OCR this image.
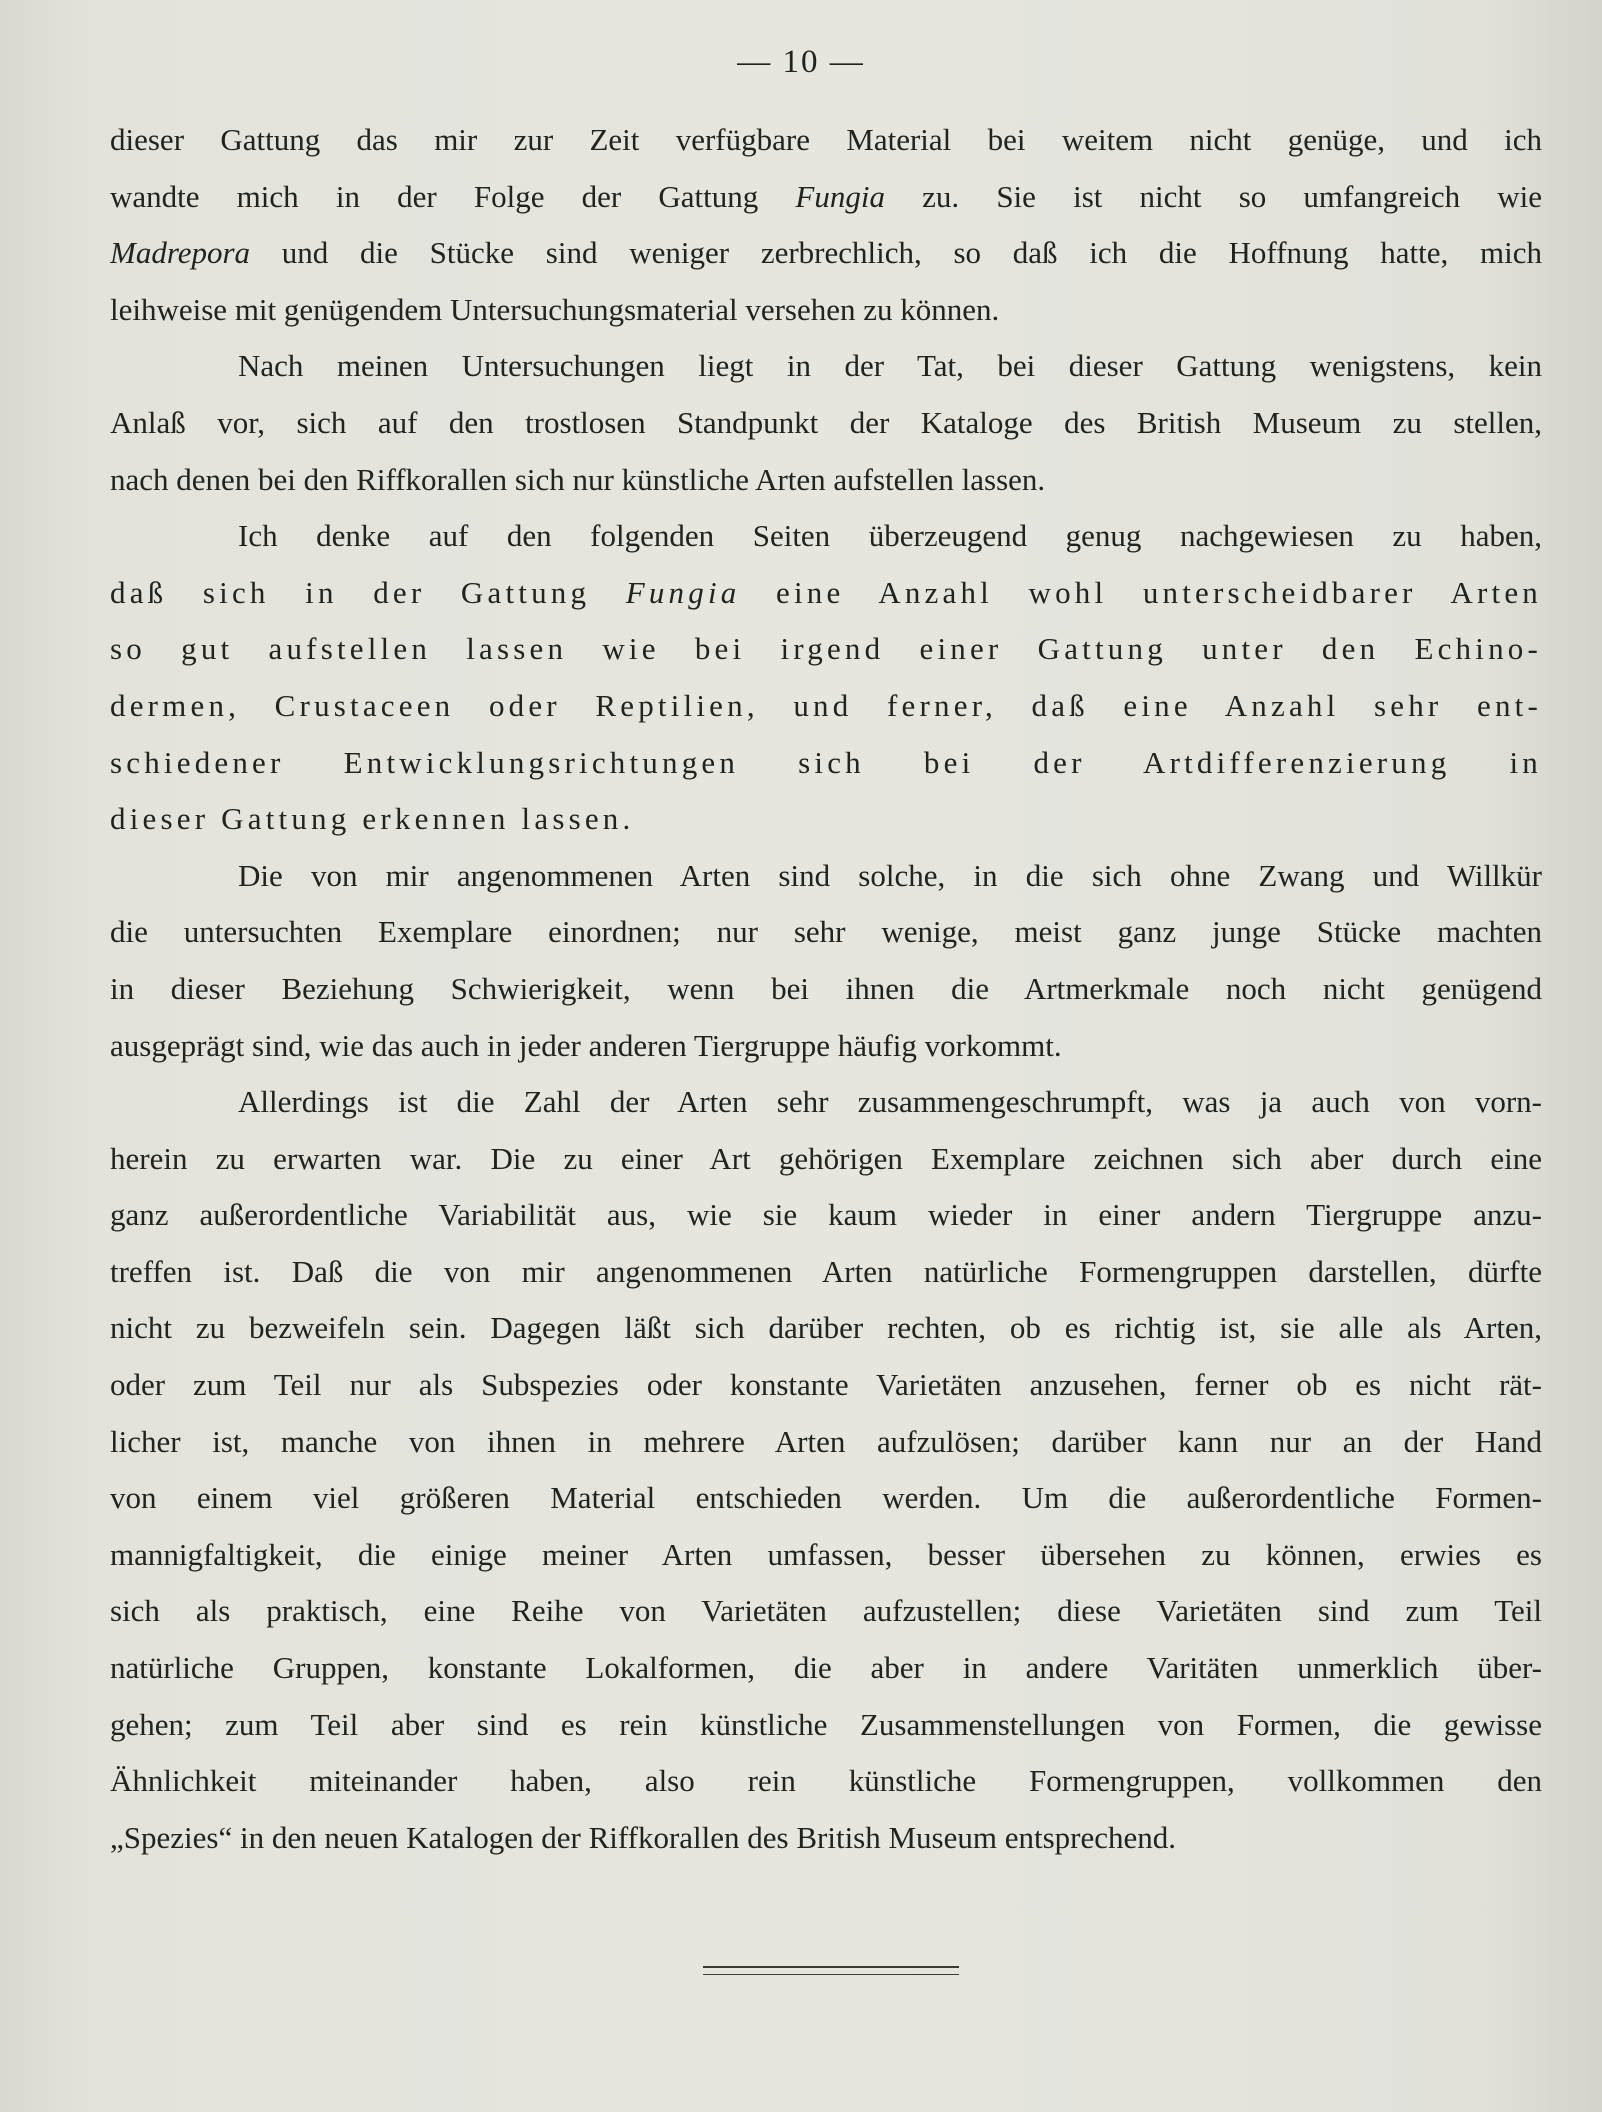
— 10 —
dieser Gattung das mir zur Zeit verfügbare Material bei weitem nicht genüge, und ich
wandte mich in der Folge der Gattung Fungia zu. Sie ist nicht so umfangreich wie
Madrepora und die Stücke sind weniger zerbrechlich, so daß ich die Hoffnung hatte, mich
leihweise mit genügendem Untersuchungsmaterial versehen zu können.
Nach meinen Untersuchungen liegt in der Tat, bei dieser Gattung wenigstens, kein
Anlaß vor, sich auf den trostlosen Standpunkt der Kataloge des British Museum zu stellen,
nach denen bei den Riffkorallen sich nur künstliche Arten aufstellen lassen.
Ich denke auf den folgenden Seiten überzeugend genug nachgewiesen zu haben,
daß sich in der Gattung Fungia eine Anzahl wohl unterscheidbarer Arten
so gut aufstellen lassen wie bei irgend einer Gattung unter den Echino-
dermen, Crustaceen oder Reptilien, und ferner, daß eine Anzahl sehr ent-
schiedener Entwicklungsrichtungen sich bei der Artdifferenzierung in
dieser Gattung erkennen lassen.
Die von mir angenommenen Arten sind solche, in die sich ohne Zwang und Willkür
die untersuchten Exemplare einordnen; nur sehr wenige, meist ganz junge Stücke machten
in dieser Beziehung Schwierigkeit, wenn bei ihnen die Artmerkmale noch nicht genügend
ausgeprägt sind, wie das auch in jeder anderen Tiergruppe häufig vorkommt.
Allerdings ist die Zahl der Arten sehr zusammengeschrumpft, was ja auch von vorn-
herein zu erwarten war. Die zu einer Art gehörigen Exemplare zeichnen sich aber durch eine
ganz außerordentliche Variabilität aus, wie sie kaum wieder in einer andern Tiergruppe anzu-
treffen ist. Daß die von mir angenommenen Arten natürliche Formengruppen darstellen, dürfte
nicht zu bezweifeln sein. Dagegen läßt sich darüber rechten, ob es richtig ist, sie alle als Arten,
oder zum Teil nur als Subspezies oder konstante Varietäten anzusehen, ferner ob es nicht rät-
licher ist, manche von ihnen in mehrere Arten aufzulösen; darüber kann nur an der Hand
von einem viel größeren Material entschieden werden. Um die außerordentliche Formen-
mannigfaltigkeit, die einige meiner Arten umfassen, besser übersehen zu können, erwies es
sich als praktisch, eine Reihe von Varietäten aufzustellen; diese Varietäten sind zum Teil
natürliche Gruppen, konstante Lokalformen, die aber in andere Varitäten unmerklich über-
gehen; zum Teil aber sind es rein künstliche Zusammenstellungen von Formen, die gewisse
Ähnlichkeit miteinander haben, also rein künstliche Formengruppen, vollkommen den
„Spezies“ in den neuen Katalogen der Riffkorallen des British Museum entsprechend.
